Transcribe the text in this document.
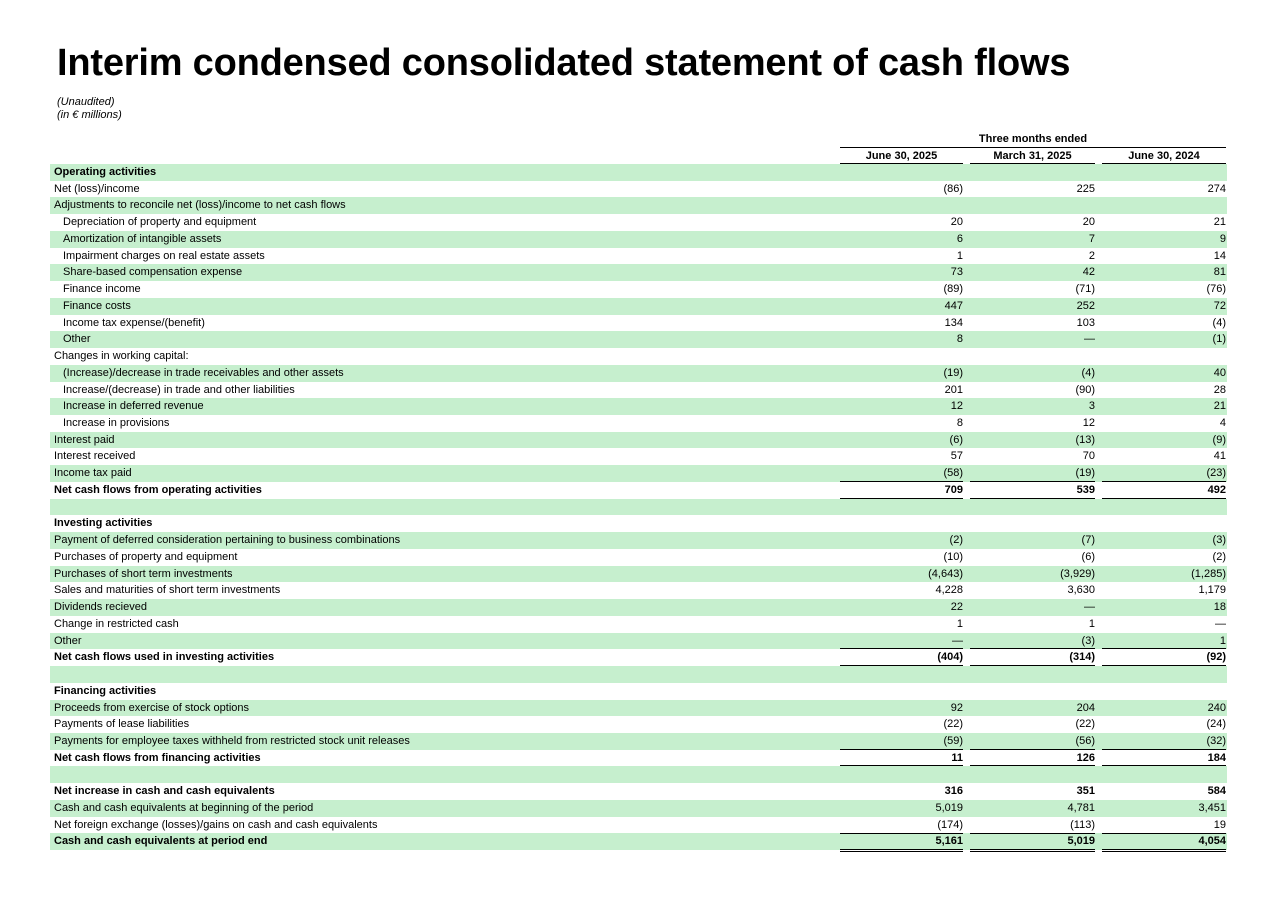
Interim condensed consolidated statement of cash flows
(Unaudited)
(in € millions)
Three months ended
June 30, 2025	March 31, 2025	June 30, 2024
Operating activities
Net (loss)/income	(86)	225	274
Adjustments to reconcile net (loss)/income to net cash flows
Depreciation of property and equipment	20	20	21
Amortization of intangible assets	6	7	9
Impairment charges on real estate assets	1	2	14
Share-based compensation expense	73	42	81
Finance income	(89)	(71)	(76)
Finance costs	447	252	72
Income tax expense/(benefit)	134	103	(4)
Other	8	—	(1)
Changes in working capital:
(Increase)/decrease in trade receivables and other assets	(19)	(4)	40
Increase/(decrease) in trade and other liabilities	201	(90)	28
Increase in deferred revenue	12	3	21
Increase in provisions	8	12	4
Interest paid	(6)	(13)	(9)
Interest received	57	70	41
Income tax paid	(58)	(19)	(23)
Net cash flows from operating activities	709	539	492
Investing activities
Payment of deferred consideration pertaining to business combinations	(2)	(7)	(3)
Purchases of property and equipment	(10)	(6)	(2)
Purchases of short term investments	(4,643)	(3,929)	(1,285)
Sales and maturities of short term investments	4,228	3,630	1,179
Dividends recieved	22	—	18
Change in restricted cash	1	1	—
Other	—	(3)	1
Net cash flows used in investing activities	(404)	(314)	(92)
Financing activities
Proceeds from exercise of stock options	92	204	240
Payments of lease liabilities	(22)	(22)	(24)
Payments for employee taxes withheld from restricted stock unit releases	(59)	(56)	(32)
Net cash flows from financing activities	11	126	184
Net increase in cash and cash equivalents	316	351	584
Cash and cash equivalents at beginning of the period	5,019	4,781	3,451
Net foreign exchange (losses)/gains on cash and cash equivalents	(174)	(113)	19
Cash and cash equivalents at period end	5,161	5,019	4,054
